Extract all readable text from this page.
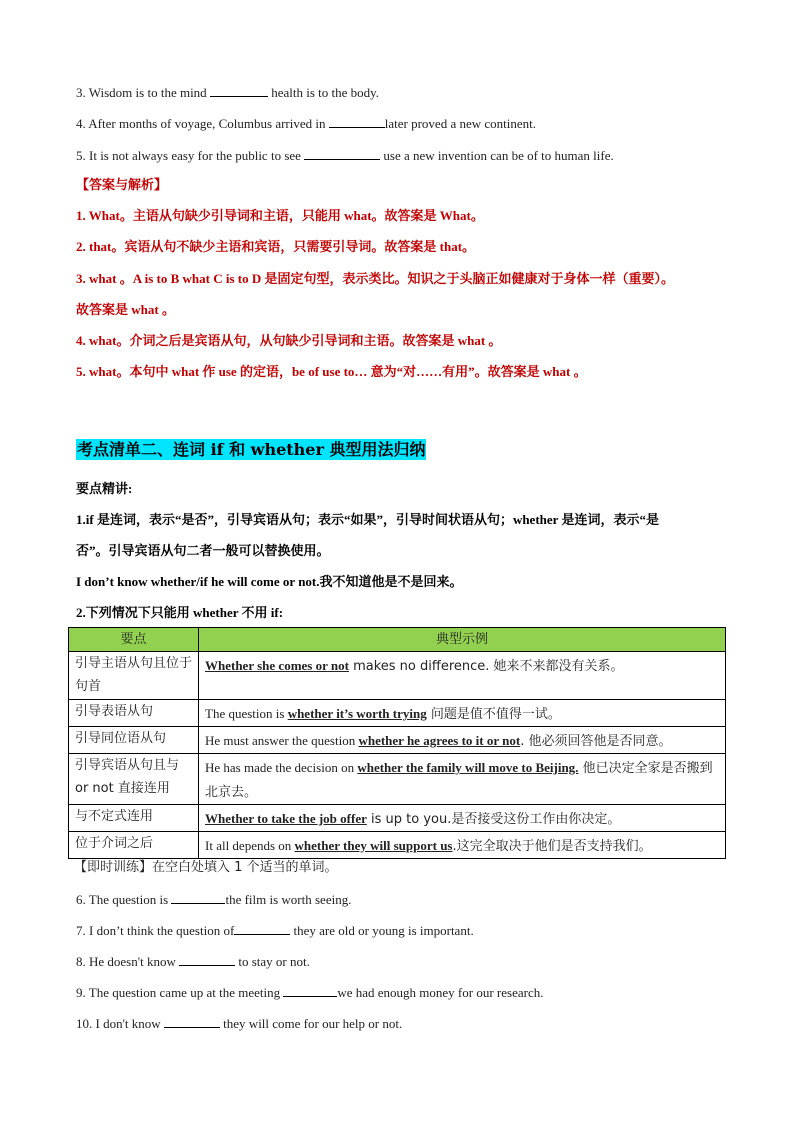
3. Wisdom is to the mind	health is to the body.
4. After months of voyage, Columbus arrived in	later proved a new continent.
5. It is not always easy for the public to see	use a new invention can be of to human life.
【答案与解析】
1. What。主语从句缺少引导词和主语，只能用 what。故答案是 What。
2. that。宾语从句不缺少主语和宾语，只需要引导词。故答案是 that。
3. what 。A is to B what C is to D 是固定句型，表示类比。知识之于头脑正如健康对于身体一样（重要）。
故答案是 what 。
4. what。介词之后是宾语从句，从句缺少引导词和主语。故答案是 what 。
5. what。本句中 what 作 use 的定语，be of use to… 意为“对……有用”。故答案是 what 。
考点清单二、连词 if 和 whether 典型用法归纳
要点精讲:
1.if 是连词，表示“是否”，引导宾语从句；表示“如果”，引导时间状语从句；whether 是连词，表示“是
否”。引导宾语从句二者一般可以替换使用。
I don’t know whether/if he will come or not.我不知道他是不是回来。
2.下列情况下只能用 whether 不用 if:
要点	典型示例
引导主语从句且位于句首	Whether she comes or not makes no difference. 她来不来都没有关系。
引导表语从句	The question is whether it’s worth trying 问题是值不值得一试。
引导同位语从句	He must answer the question whether he agrees to it or not. 他必须回答他是否同意。
引导宾语从句且与 or not 直接连用	He has made the decision on whether the family will move to Beijing. 他已决定全家是否搬到北京去。
与不定式连用	Whether to take the job offer is up to you.是否接受这份工作由你决定。
位于介词之后	It all depends on whether they will support us.这完全取决于他们是否支持我们。
【即时训练】在空白处填入 1 个适当的单词。
6. The question is	the film is worth seeing.
7. I don’t think the question of	they are old or young is important.
8. He doesn't know	to stay or not.
9. The question came up at the meeting	we had enough money for our research.
10. I don't know	they will come for our help or not.
